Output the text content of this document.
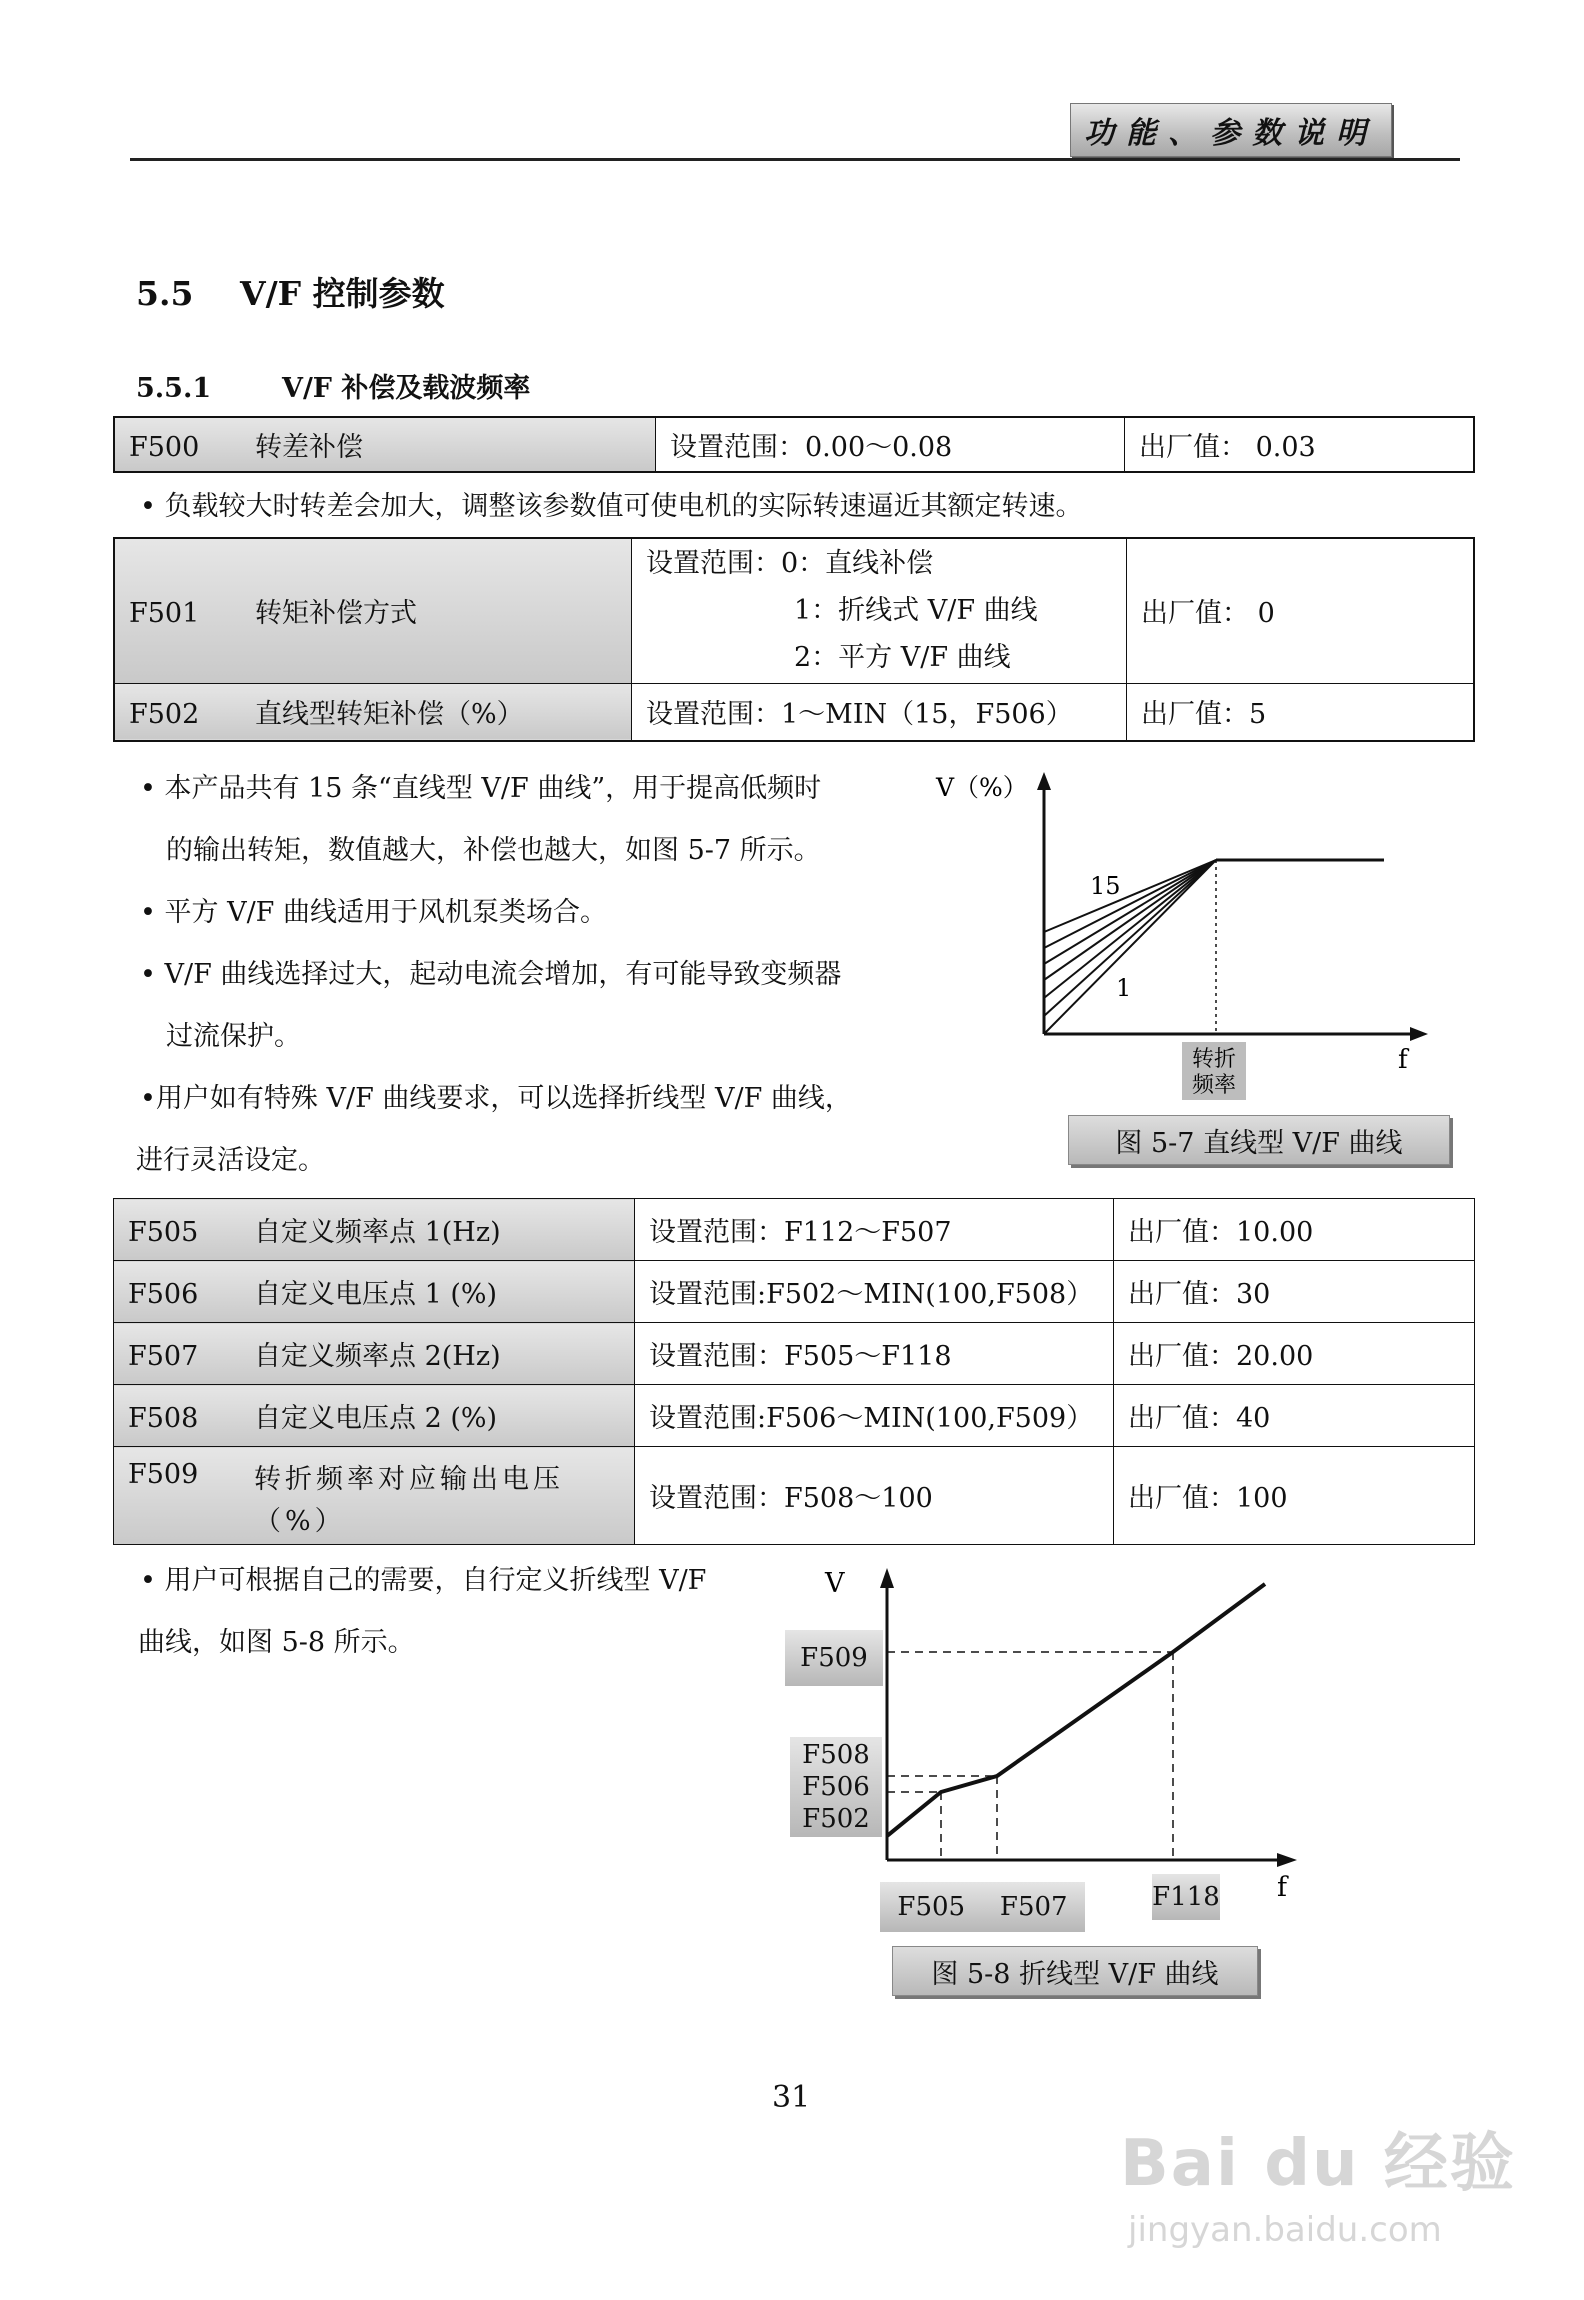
功能、参数说明
5.5 V/F 控制参数
5.5.1	V/F 补偿及载波频率
F500 转差补偿	设置范围：0.00～0.08	出厂值： 0.03
• 负载较大时转差会加大，调整该参数值可使电机的实际转速逼近其额定转速。
F501 转矩补偿方式	设置范围：0：直线补偿
1：折线式 V/F 曲线
2：平方 V/F 曲线	出厂值： 0
F502 直线型转矩补偿（%）	设置范围：1～MIN（15，F506）	出厂值：5
• 本产品共有 15 条“直线型 V/F 曲线”，用于提高低频时
的输出转矩，数值越大，补偿也越大，如图 5-7 所示。
• 平方 V/F 曲线适用于风机泵类场合。
• V/F 曲线选择过大，起动电流会增加，有可能导致变频器
过流保护。
•用户如有特殊 V/F 曲线要求，可以选择折线型 V/F 曲线，
进行灵活设定。
转折
频率
V（%）
15
1
f
图 5-7 直线型 V/F 曲线
F505 自定义频率点 1(Hz)	设置范围：F112～F507	出厂值：10.00
F506 自定义电压点 1 (%)	设置范围:F502～MIN(100,F508）	出厂值：30
F507 自定义频率点 2(Hz)	设置范围：F505～F118	出厂值：20.00
F508 自定义电压点 2 (%)	设置范围:F506～MIN(100,F509）	出厂值：40
F509 转折频率对应输出电压
（%）	设置范围：F508～100	出厂值：100
• 用户可根据自己的需要，自行定义折线型 V/F
曲线，如图 5-8 所示。
V
f
F509
F508
F506
F502
F505 F507	F118
图 5-8 折线型 V/F 曲线
31
Bai du 经验
jingyan.baidu.com
